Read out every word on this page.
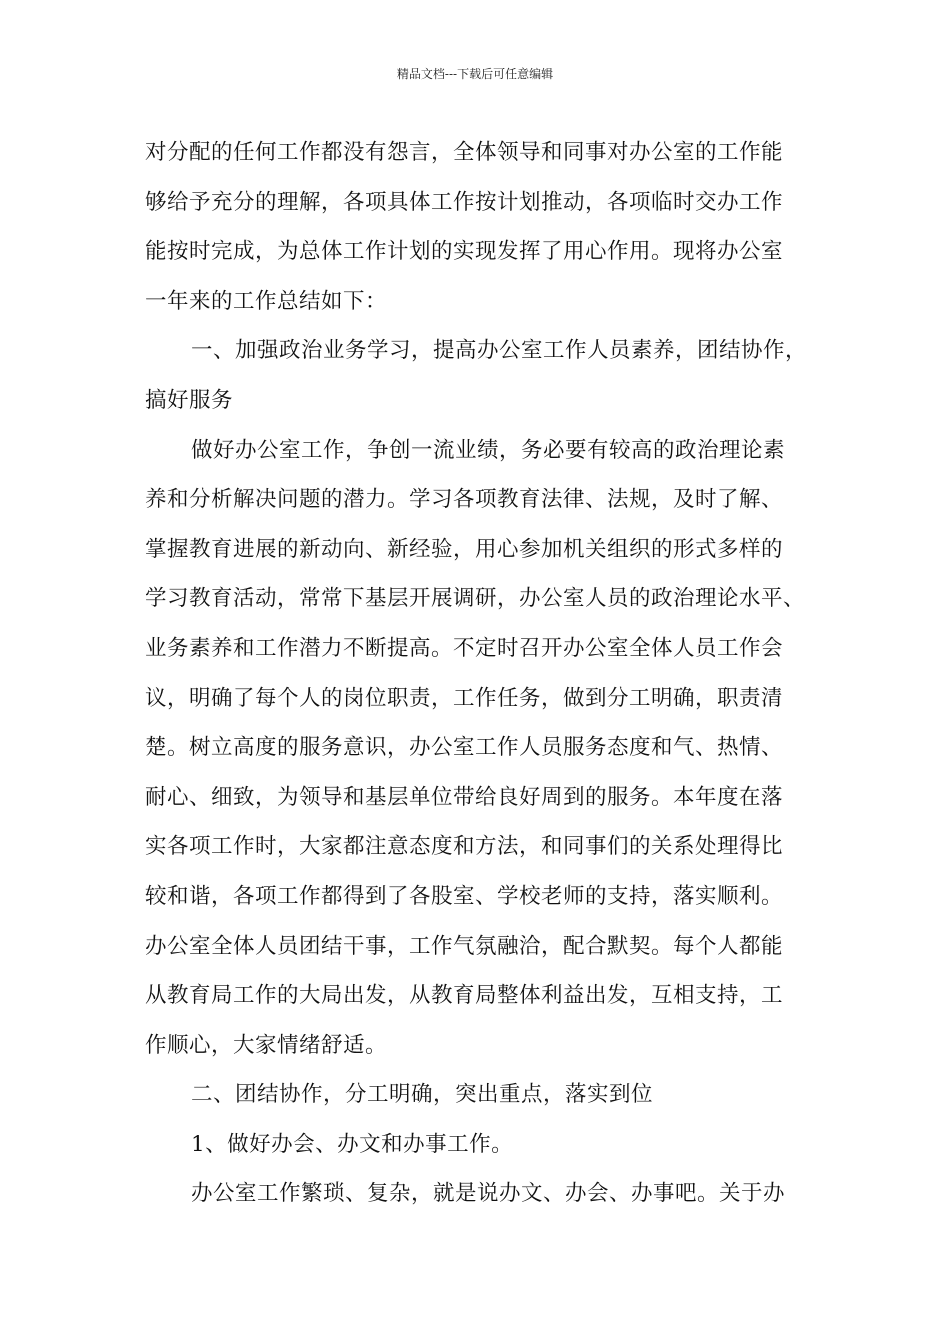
精品文档---下载后可任意编辑
对分配的任何工作都没有怨言，全体领导和同事对办公室的工作能
够给予充分的理解，各项具体工作按计划推动，各项临时交办工作
能按时完成，为总体工作计划的实现发挥了用心作用。现将办公室
一年来的工作总结如下：
一、加强政治业务学习，提高办公室工作人员素养，团结协作，
搞好服务
做好办公室工作，争创一流业绩，务必要有较高的政治理论素
养和分析解决问题的潜力。学习各项教育法律、法规，及时了解、
掌握教育进展的新动向、新经验，用心参加机关组织的形式多样的
学习教育活动，常常下基层开展调研，办公室人员的政治理论水平、
业务素养和工作潜力不断提高。不定时召开办公室全体人员工作会
议，明确了每个人的岗位职责，工作任务，做到分工明确，职责清
楚。树立高度的服务意识，办公室工作人员服务态度和气、热情、
耐心、细致，为领导和基层单位带给良好周到的服务。本年度在落
实各项工作时，大家都注意态度和方法，和同事们的关系处理得比
较和谐，各项工作都得到了各股室、学校老师的支持，落实顺利。
办公室全体人员团结干事，工作气氛融洽，配合默契。每个人都能
从教育局工作的大局出发，从教育局整体利益出发，互相支持，工
作顺心，大家情绪舒适。
二、团结协作，分工明确，突出重点，落实到位
1、做好办会、办文和办事工作。
办公室工作繁琐、复杂，就是说办文、办会、办事吧。关于办
